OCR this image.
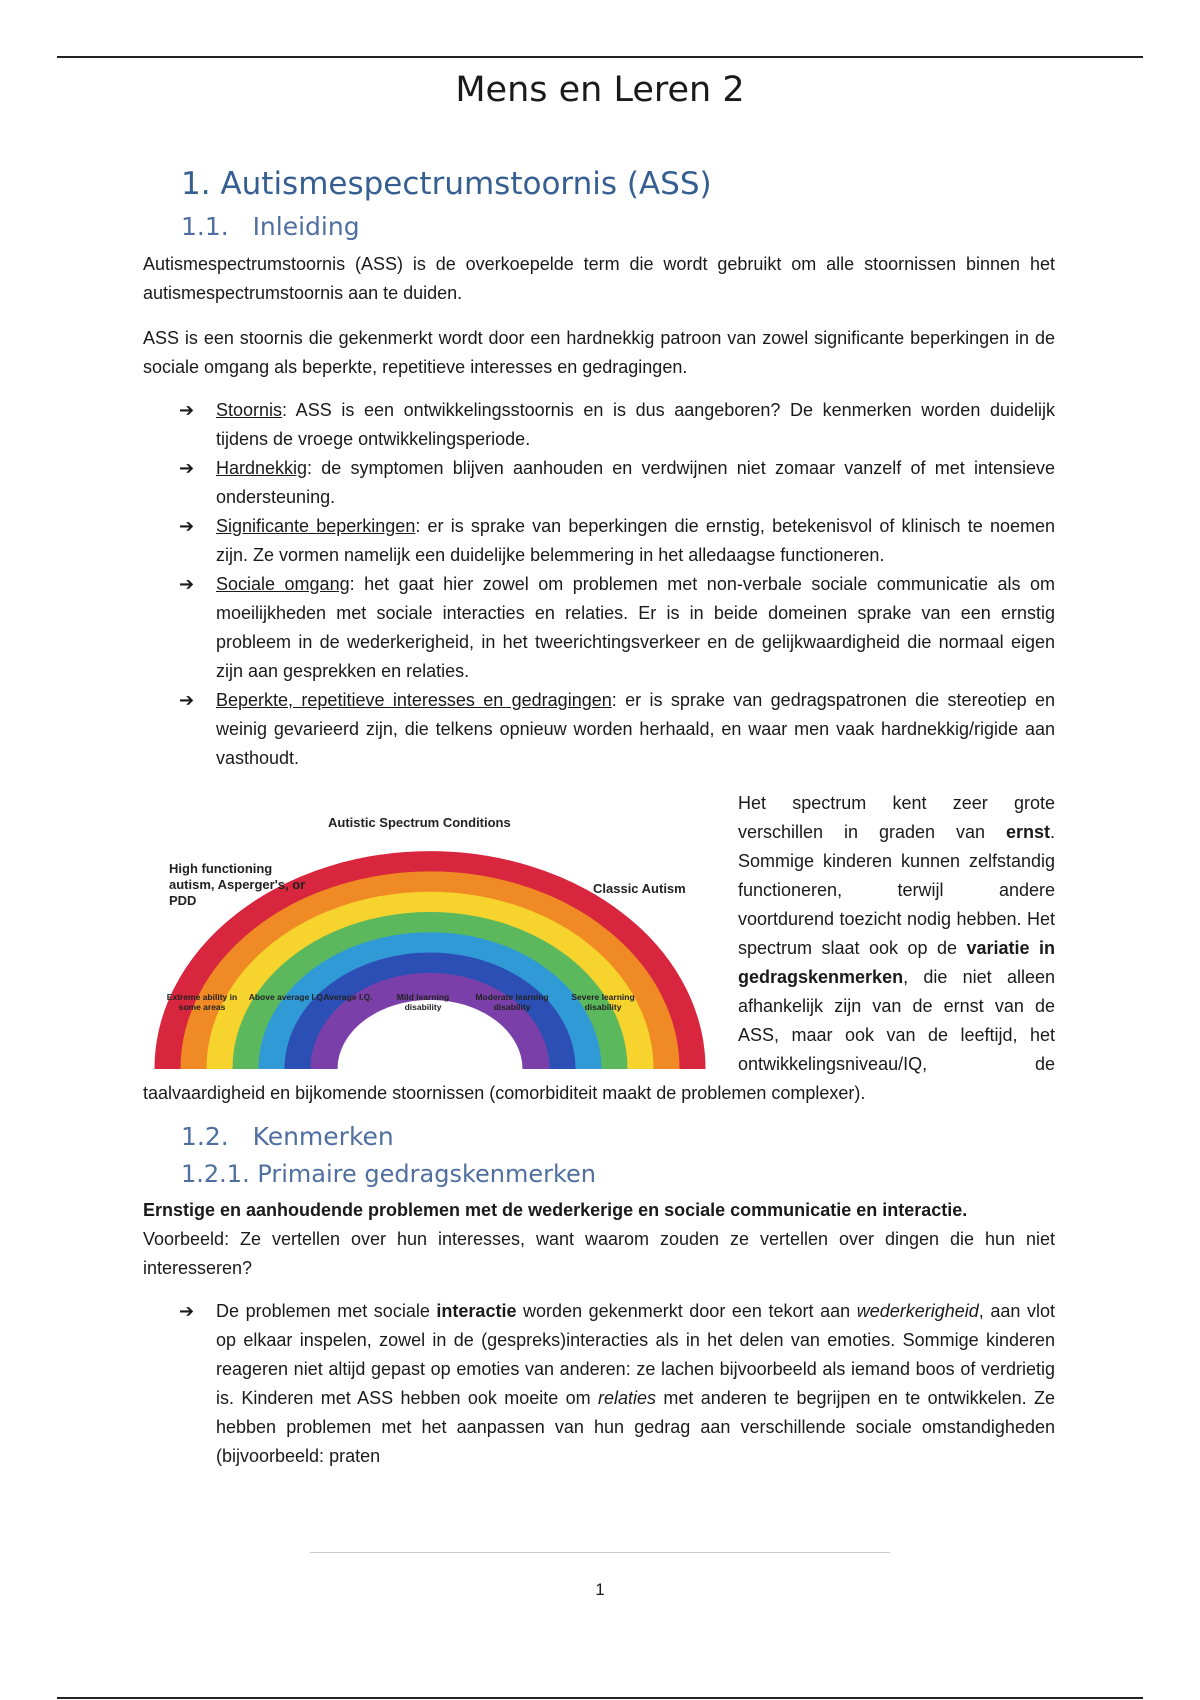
Mens en Leren 2
1. Autismespectrumstoornis (ASS)
1.1. Inleiding

Autismespectrumstoornis (ASS) is de overkoepelde term die wordt gebruikt om alle stoornissen binnen het autismespectrumstoornis aan te duiden.

ASS is een stoornis die gekenmerkt wordt door een hardnekkig patroon van zowel significante beperkingen in de sociale omgang als beperkte, repetitieve interesses en gedragingen.

➔ Stoornis: ASS is een ontwikkelingsstoornis en is dus aangeboren? De kenmerken worden duidelijk tijdens de vroege ontwikkelingsperiode.
➔ Hardnekkig: de symptomen blijven aanhouden en verdwijnen niet zomaar vanzelf of met intensieve ondersteuning.
➔ Significante beperkingen: er is sprake van beperkingen die ernstig, betekenisvol of klinisch te noemen zijn. Ze vormen namelijk een duidelijke belemmering in het alledaagse functioneren.
➔ Sociale omgang: het gaat hier zowel om problemen met non-verbale sociale communicatie als om moeilijkheden met sociale interacties en relaties. Er is in beide domeinen sprake van een ernstig probleem in de wederkerigheid, in het tweerichtingsverkeer en de gelijkwaardigheid die normaal eigen zijn aan gesprekken en relaties.
➔ Beperkte, repetitieve interesses en gedragingen: er is sprake van gedragspatronen die stereotiep en weinig gevarieerd zijn, die telkens opnieuw worden herhaald, en waar men vaak hardnekkig/rigide aan vasthoudt.
Autistic Spectrum Conditions
High functioning autism, Asperger's, or PDD
Classic Autism
Extreme ability in some areas
Above average I.Q.
Average I.Q.	Mild learning disability
Moderate learning disability
Severe learning disability

Het spectrum kent zeer grote verschillen in graden van ernst. Sommige kinderen kunnen zelfstandig functioneren, terwijl andere voortdurend toezicht nodig hebben. Het spectrum slaat ook op de variatie in gedragskenmerken, die niet alleen afhankelijk zijn van de ernst van de ASS, maar ook van de leeftijd, het ontwikkelingsniveau/IQ, de taalvaardigheid en bijkomende stoornissen (comorbiditeit maakt de problemen complexer).

1.2. Kenmerken
1.2.1. Primaire gedragskenmerken

Ernstige en aanhoudende problemen met de wederkerige en sociale communicatie en interactie.

Voorbeeld: Ze vertellen over hun interesses, want waarom zouden ze vertellen over dingen die hun niet interesseren?

➔ De problemen met sociale interactie worden gekenmerkt door een tekort aan wederkerigheid, aan vlot op elkaar inspelen, zowel in de (gespreks)interacties als in het delen van emoties. Sommige kinderen reageren niet altijd gepast op emoties van anderen: ze lachen bijvoorbeeld als iemand boos of verdrietig is. Kinderen met ASS hebben ook moeite om relaties met anderen te begrijpen en te ontwikkelen. Ze hebben problemen met het aanpassen van hun gedrag aan verschillende sociale omstandigheden (bijvoorbeeld: praten
1
